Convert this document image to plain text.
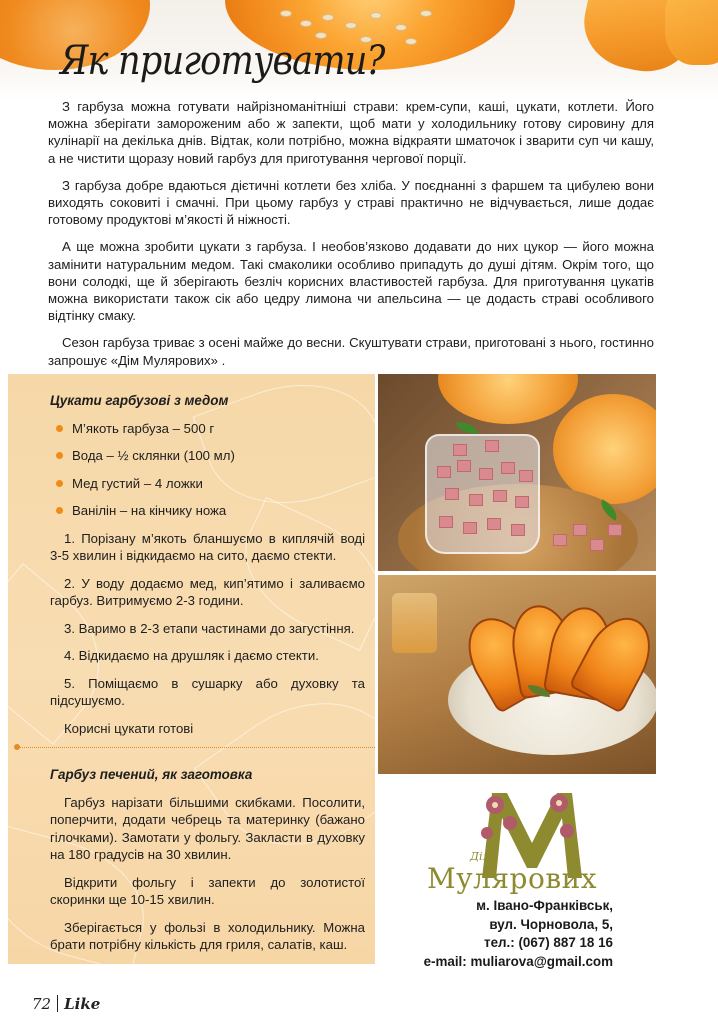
Як приготувати?

З гарбуза можна готувати найрізноманітніші страви: крем-супи, каші, цукати, котлети. Його можна зберігати замороженим або ж запекти, щоб мати у холодильнику готову сировину для кулінарії на декілька днів. Відтак, коли потрібно, можна відкраяти шматочок і зварити суп чи кашу, а не чистити щоразу новий гарбуз для приготування чергової порції.

З гарбуза добре вдаються дієтичні котлети без хліба. У поєднанні з фаршем та цибулею вони виходять соковиті і смачні. При цьому гарбуз у страві практично не відчувається, лише додає готовому продуктові м’якості й ніжності.

А ще можна зробити цукати з гарбуза. І необов’язково додавати до них цукор — його можна замінити натуральним медом. Такі смаколики особливо припадуть до душі дітям. Окрім того, що вони солодкі, ще й зберігають безліч корисних властивостей гарбуза. Для приготування цукатів можна використати також сік або цедру лимона чи апельсина — це додасть страві особливого відтінку смаку.

Сезон гарбуза триває з осені майже до весни. Скуштувати страви, приготовані з нього, гостинно запрошує «Дім Мулярових» .

Цукати гарбузові з медом
М’якоть гарбуза – 500 г
Вода – ½ склянки (100 мл)
Мед густий – 4 ложки
Ванілін – на кінчику ножа

1. Порізану м’якоть бланшуємо в киплячій воді 3-5 хвилин і відкидаємо на сито, даємо стекти.

2. У воду додаємо мед, кип’ятимо і заливаємо гарбуз. Витримуємо 2-3 години.

3. Варимо в 2-3 етапи частинами до загустіння.

4. Відкидаємо на друшляк і даємо стекти.

5. Поміщаємо в сушарку або духовку та підсушуємо.

Корисні цукати готові

Гарбуз печений, як заготовка

Гарбуз нарізати більшими скибками. Посолити, поперчити, додати чебрець та материнку (бажано гілочками). Замотати у фольгу. Закласти в духовку на 180 градусів на 30 хвилин.

Відкрити фольгу і запекти до золотистої скоринки ще 10-15 хвилин.

Зберігається у фользі в холодильнику. Можна брати потрібну кількість для гриля, салатів, каш.

Дім
Мулярових
м. Івано-Франківськ,
вул. Чорновола, 5,
тел.: (067) 887 18 16
e-mail: muliarova@gmail.com
72 Like
